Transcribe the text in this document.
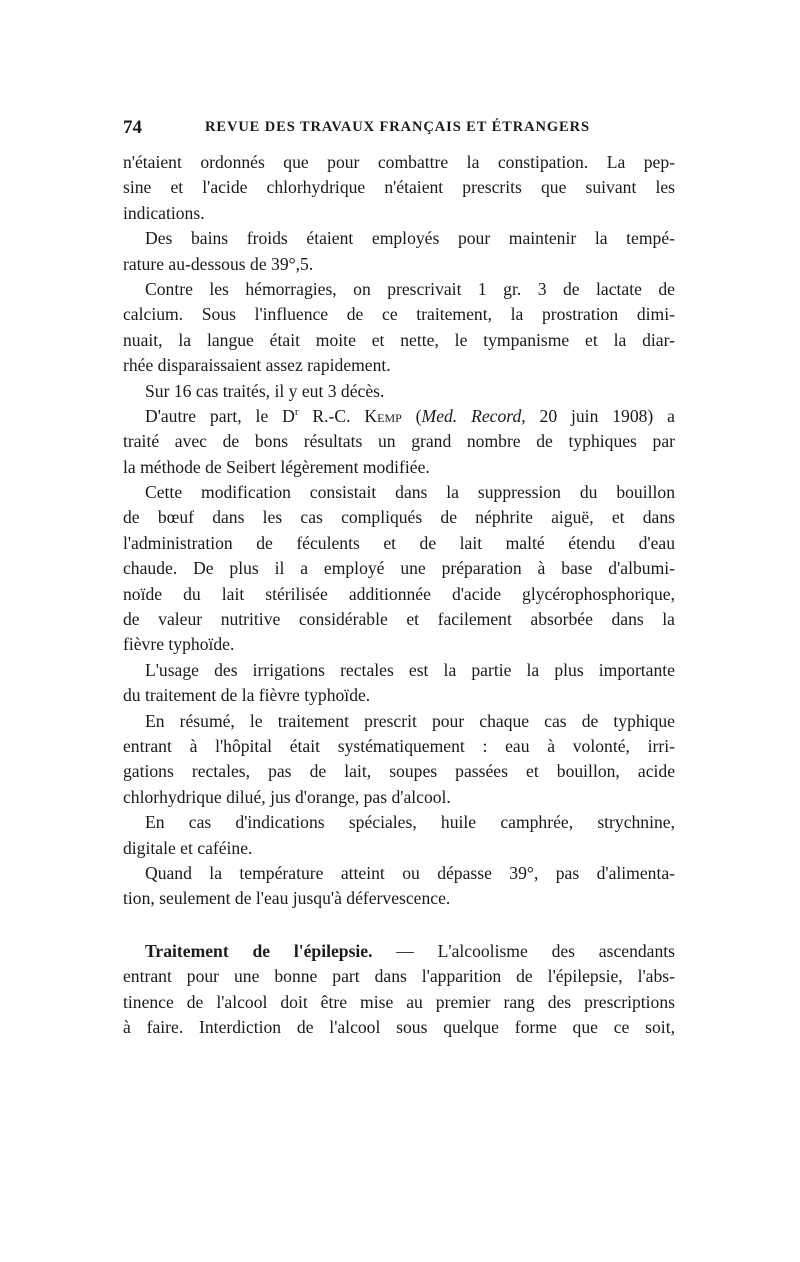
74	REVUE DES TRAVAUX FRANÇAIS ET ÉTRANGERS
n'étaient ordonnés que pour combattre la constipation. La pep-
sine et l'acide chlorhydrique n'étaient prescrits que suivant les
indications.
Des bains froids étaient employés pour maintenir la tempé-
rature au-dessous de 39°,5.
Contre les hémorragies, on prescrivait 1 gr. 3 de lactate de
calcium. Sous l'influence de ce traitement, la prostration dimi-
nuait, la langue était moite et nette, le tympanisme et la diar-
rhée disparaissaient assez rapidement.
Sur 16 cas traités, il y eut 3 décès.
D'autre part, le $D^r$ R.-C. Kemp (Med. Record, 20 juin 1908) a
traité avec de bons résultats un grand nombre de typhiques par
la méthode de Seibert légèrement modifiée.
Cette modification consistait dans la suppression du bouillon
de bœuf dans les cas compliqués de néphrite aiguë, et dans
l'administration de féculents et de lait malté étendu d'eau
chaude. De plus il a employé une préparation à base d'albumi-
noïde du lait stérilisée additionnée d'acide glycérophosphorique,
de valeur nutritive considérable et facilement absorbée dans la
fièvre typhoïde.
L'usage des irrigations rectales est la partie la plus importante
du traitement de la fièvre typhoïde.
En résumé, le traitement prescrit pour chaque cas de typhique
entrant à l'hôpital était systématiquement : eau à volonté, irri-
gations rectales, pas de lait, soupes passées et bouillon, acide
chlorhydrique dilué, jus d'orange, pas d'alcool.
En cas d'indications spéciales, huile camphrée, strychnine,
digitale et caféine.
Quand la température atteint ou dépasse 39°, pas d'alimenta-
tion, seulement de l'eau jusqu'à défervescence.
Traitement de l'épilepsie. — L'alcoolisme des ascendants
entrant pour une bonne part dans l'apparition de l'épilepsie, l'abs-
tinence de l'alcool doit être mise au premier rang des prescriptions
à faire. Interdiction de l'alcool sous quelque forme que ce soit,
